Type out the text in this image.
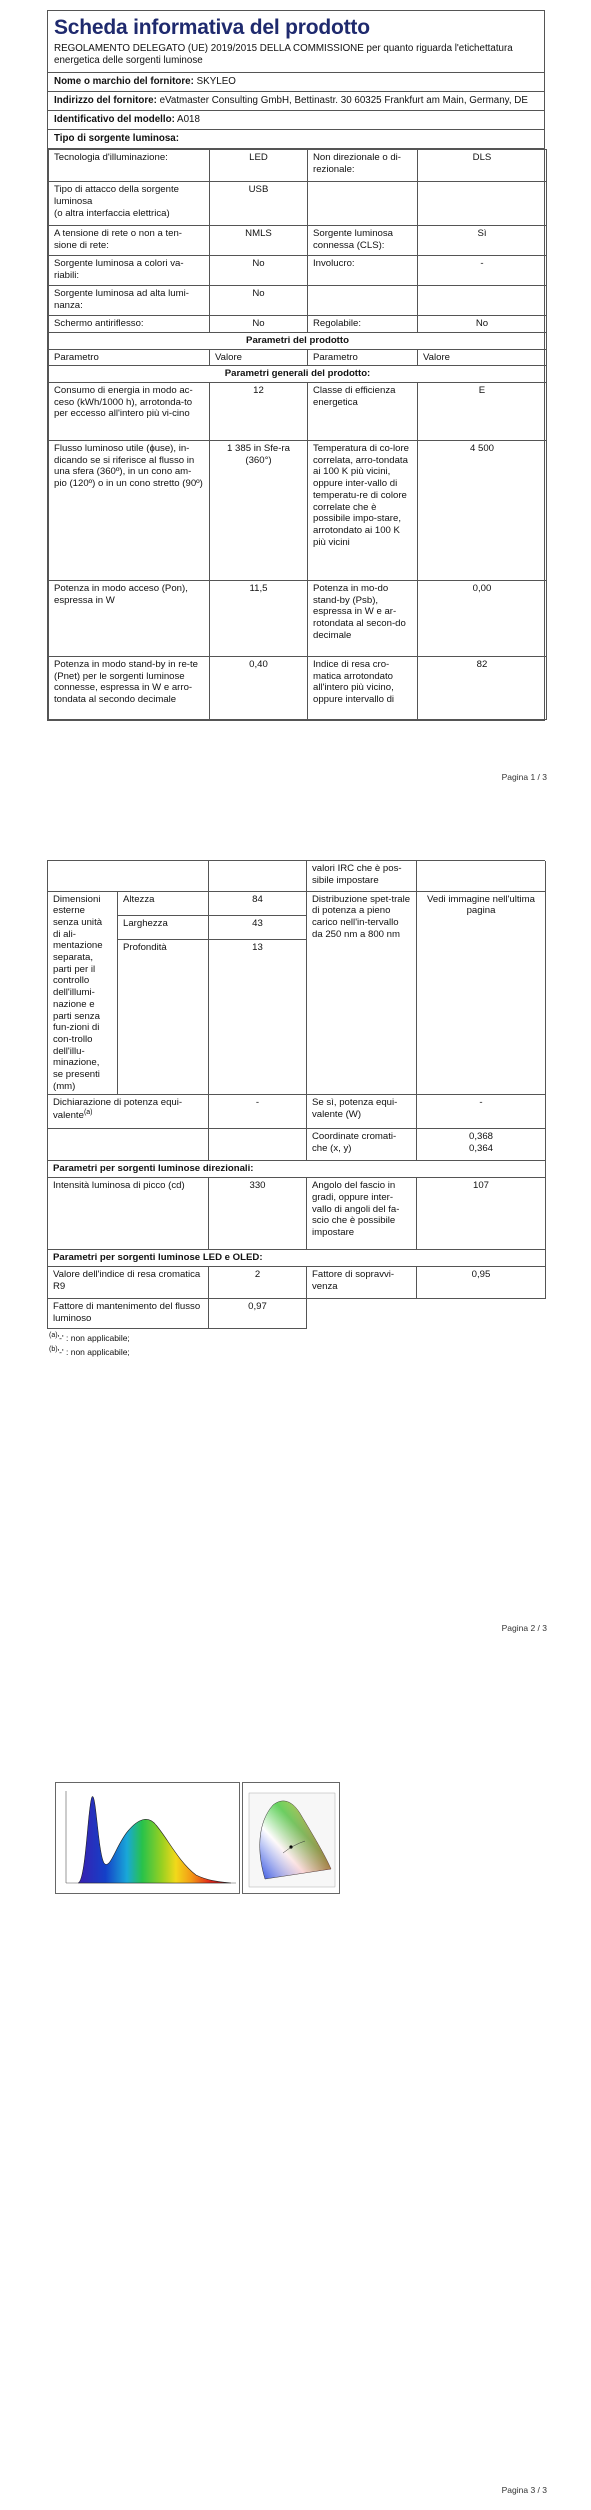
Scheda informativa del prodotto
REGOLAMENTO DELEGATO (UE) 2019/2015 DELLA COMMISSIONE per quanto riguarda l'etichettatura energetica delle sorgenti luminose
Nome o marchio del fornitore: SKYLEO
Indirizzo del fornitore: eVatmaster Consulting GmbH, Bettinastr. 30 60325 Frankfurt am Main, Germany, DE
Identificativo del modello: A018
Tipo di sorgente luminosa:
Tecnologia d'illuminazione:	LED	Non direzionale o di-rezionale:	DLS
Tipo di attacco della sorgente luminosa
(o altra interfaccia elettrica)	USB		
A tensione di rete o non a ten-sione di rete:	NMLS	Sorgente luminosa connessa (CLS):	Sì
Sorgente luminosa a colori va-riabili:	No	Involucro:	-
Sorgente luminosa ad alta lumi-nanza:	No		
Schermo antiriflesso:	No	Regolabile:	No
Parametri del prodotto			
Parametro	Valore	Parametro	Valore
Parametri generali del prodotto:			
Consumo di energia in modo ac-ceso (kWh/1000 h), arrotonda-to per eccesso all'intero più vi-cino	12	Classe di efficienza energetica	E
Flusso luminoso utile (ɸuse), in-dicando se si riferisce al flusso in una sfera (360º), in un cono am-pio (120º) o in un cono stretto (90º)	1 385 in Sfe-ra (360°)	Temperatura di co-lore correlata, arro-tondata ai 100 K più vicini, oppure inter-vallo di temperatu-re di colore correlate che è possibile impo-stare, arrotondato ai 100 K più vicini	4 500
Potenza in modo acceso (Pon), espressa in W	11,5	Potenza in mo-do stand-by (Psb), espressa in W e ar-rotondata al secon-do decimale	0,00

Potenza in modo stand-by in re-te (Pnet) per le sorgenti luminose connesse, espressa in W e arro-tondata al secondo decimale	0,40	Indice di resa cro-matica arrotondato all'intero più vicino, oppure intervallo di	82
Pagina 1 / 3
			valori IRC che è pos-sibile impostare	
Dimensioni esterne senza unità di ali-mentazione separata, parti per il controllo dell'illumi-nazione e parti senza fun-zioni di con-trollo dell'illu-minazione, se presenti (mm)	Altezza	84	Distribuzione spet-trale di potenza a pieno carico nell'in-tervallo da 250 nm a 800 nm	Vedi immagine nell'ultima pagina
	Larghezza	43		
	Profondità	13		
Dichiarazione di potenza equi-valente$^{(a)}$		-	Se sì, potenza equi-valente (W)	-
			Coordinate cromati-che (x, y)	0,368
0,364

Parametri per sorgenti luminose direzionali:				
Intensità luminosa di picco (cd)		330	Angolo del fascio in gradi, oppure inter-vallo di angoli del fa-scio che è possibile impostare	107
Parametri per sorgenti luminose LED e OLED:				
Valore dell'indice di resa cromatica R9		2	Fattore di sopravvi-venza	0,95
Fattore di mantenimento del flusso luminoso		0,97		
$^{(a)}$'-' : non applicabile;
$^{(b)}$'-' : non applicabile;
Pagina 2 / 3
Pagina 3 / 3
